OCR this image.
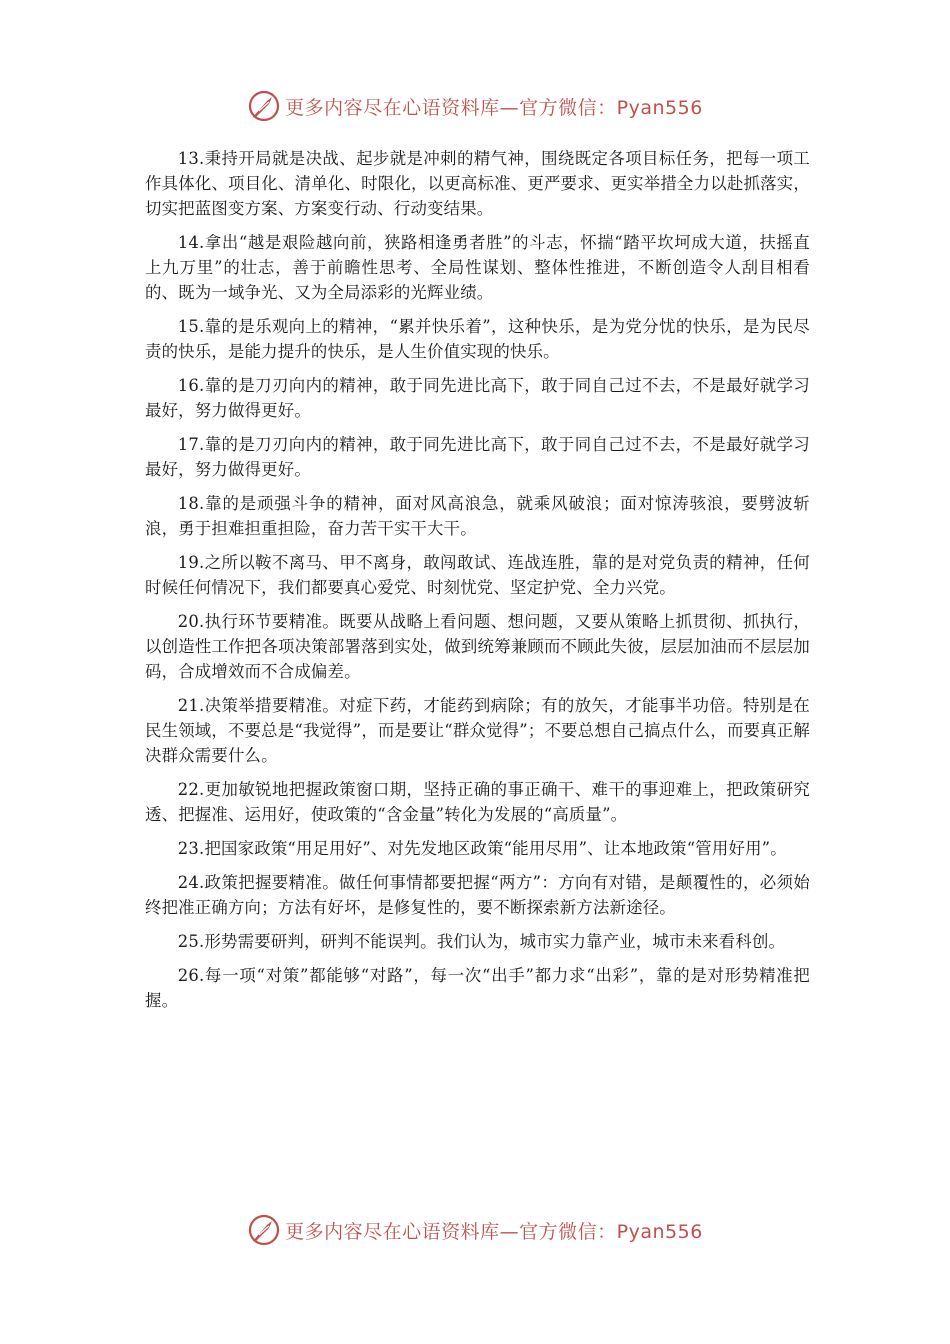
更多内容尽在心语资料库—官方微信：Pyan556

13.秉持开局就是决战、起步就是冲刺的精气神，围绕既定各项目标任务，把每一项工作具体化、项目化、清单化、时限化，以更高标准、更严要求、更实举措全力以赴抓落实，切实把蓝图变方案、方案变行动、行动变结果。

14.拿出“越是艰险越向前，狭路相逢勇者胜”的斗志，怀揣“踏平坎坷成大道，扶摇直上九万里”的壮志，善于前瞻性思考、全局性谋划、整体性推进，不断创造令人刮目相看的、既为一域争光、又为全局添彩的光辉业绩。

15.靠的是乐观向上的精神，“累并快乐着”，这种快乐，是为党分忧的快乐，是为民尽责的快乐，是能力提升的快乐，是人生价值实现的快乐。

16.靠的是刀刃向内的精神，敢于同先进比高下，敢于同自己过不去，不是最好就学习最好，努力做得更好。

17.靠的是刀刃向内的精神，敢于同先进比高下，敢于同自己过不去，不是最好就学习最好，努力做得更好。

18.靠的是顽强斗争的精神，面对风高浪急，就乘风破浪；面对惊涛骇浪，要劈波斩浪，勇于担难担重担险，奋力苦干实干大干。

19.之所以鞍不离马、甲不离身，敢闯敢试、连战连胜，靠的是对党负责的精神，任何时候任何情况下，我们都要真心爱党、时刻忧党、坚定护党、全力兴党。

20.执行环节要精准。既要从战略上看问题、想问题，又要从策略上抓贯彻、抓执行，以创造性工作把各项决策部署落到实处，做到统筹兼顾而不顾此失彼，层层加油而不层层加码，合成增效而不合成偏差。

21.决策举措要精准。对症下药，才能药到病除；有的放矢，才能事半功倍。特别是在民生领域，不要总是“我觉得”，而是要让“群众觉得”；不要总想自己搞点什么，而要真正解决群众需要什么。

22.更加敏锐地把握政策窗口期，坚持正确的事正确干、难干的事迎难上，把政策研究透、把握准、运用好，使政策的“含金量”转化为发展的“高质量”。

23.把国家政策“用足用好”、对先发地区政策“能用尽用”、让本地政策“管用好用”。

24.政策把握要精准。做任何事情都要把握“两方”：方向有对错，是颠覆性的，必须始终把准正确方向；方法有好坏，是修复性的，要不断探索新方法新途径。

25.形势需要研判，研判不能误判。我们认为，城市实力靠产业，城市未来看科创。

26.每一项“对策”都能够“对路”，每一次“出手”都力求“出彩”，靠的是对形势精准把握。

更多内容尽在心语资料库—官方微信：Pyan556
